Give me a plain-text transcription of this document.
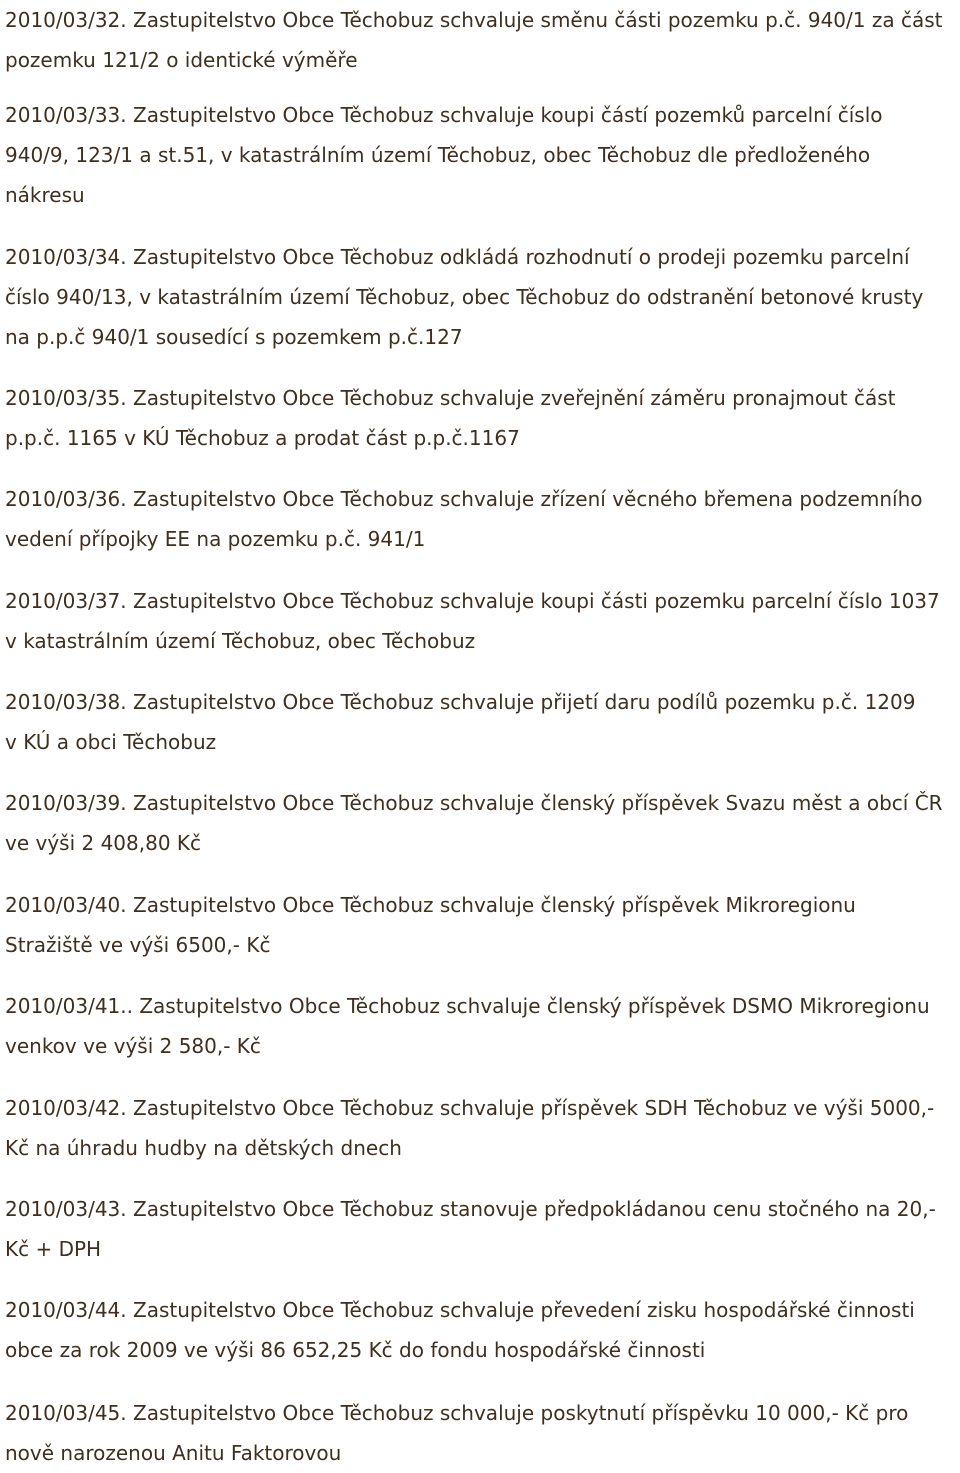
2010/03/32. Zastupitelstvo Obce Těchobuz schvaluje směnu části pozemku p.č. 940/1 za část
pozemku 121/2 o identické výměře

2010/03/33. Zastupitelstvo Obce Těchobuz schvaluje koupi částí pozemků parcelní číslo
940/9, 123/1 a st.51, v katastrálním území Těchobuz, obec Těchobuz dle předloženého
nákresu

2010/03/34. Zastupitelstvo Obce Těchobuz odkládá rozhodnutí o prodeji pozemku parcelní
číslo 940/13, v katastrálním území Těchobuz, obec Těchobuz do odstranění betonové krusty
na p.p.č 940/1 sousedící s pozemkem p.č.127

2010/03/35. Zastupitelstvo Obce Těchobuz schvaluje zveřejnění záměru pronajmout část
p.p.č. 1165 v KÚ Těchobuz a prodat část p.p.č.1167

2010/03/36. Zastupitelstvo Obce Těchobuz schvaluje zřízení věcného břemena podzemního
vedení přípojky EE na pozemku p.č. 941/1

2010/03/37. Zastupitelstvo Obce Těchobuz schvaluje koupi části pozemku parcelní číslo 1037
v katastrálním území Těchobuz, obec Těchobuz

2010/03/38. Zastupitelstvo Obce Těchobuz schvaluje přijetí daru podílů pozemku p.č. 1209
v KÚ a obci Těchobuz

2010/03/39. Zastupitelstvo Obce Těchobuz schvaluje členský příspěvek Svazu měst a obcí ČR
ve výši 2 408,80 Kč

2010/03/40. Zastupitelstvo Obce Těchobuz schvaluje členský příspěvek Mikroregionu
Stražiště ve výši 6500,- Kč

2010/03/41.. Zastupitelstvo Obce Těchobuz schvaluje členský příspěvek DSMO Mikroregionu
venkov ve výši 2 580,- Kč

2010/03/42. Zastupitelstvo Obce Těchobuz schvaluje příspěvek SDH Těchobuz ve výši 5000,-
Kč na úhradu hudby na dětských dnech

2010/03/43. Zastupitelstvo Obce Těchobuz stanovuje předpokládanou cenu stočného na 20,-
Kč + DPH

2010/03/44. Zastupitelstvo Obce Těchobuz schvaluje převedení zisku hospodářské činnosti
obce za rok 2009 ve výši 86 652,25 Kč do fondu hospodářské činnosti

2010/03/45. Zastupitelstvo Obce Těchobuz schvaluje poskytnutí příspěvku 10 000,- Kč pro
nově narozenou Anitu Faktorovou
